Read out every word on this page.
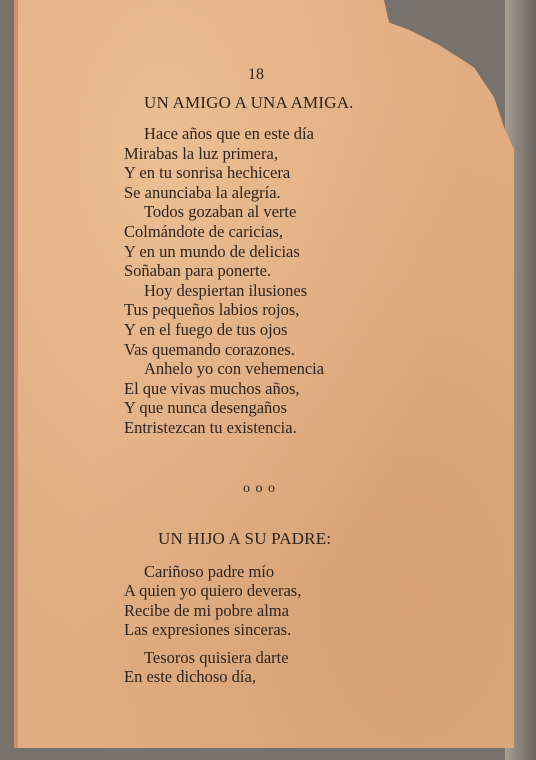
18
UN AMIGO A UNA AMIGA.
Hace años que en este día
Mirabas la luz primera,
Y en tu sonrisa hechicera
Se anunciaba la alegría.
Todos gozaban al verte
Colmándote de caricias,
Y en un mundo de delicias
Soñaban para ponerte.
Hoy despiertan ilusiones
Tus pequeños labios rojos,
Y en el fuego de tus ojos
Vas quemando corazones.
Anhelo yo con vehemencia
El que vivas muchos años,
Y que nunca desengaños
Entristezcan tu existencia.
o o o
UN HIJO A SU PADRE:
Cariñoso padre mío
A quien yo quiero deveras,
Recibe de mi pobre alma
Las expresiones sinceras.
Tesoros quisiera darte
En este dichoso día,
